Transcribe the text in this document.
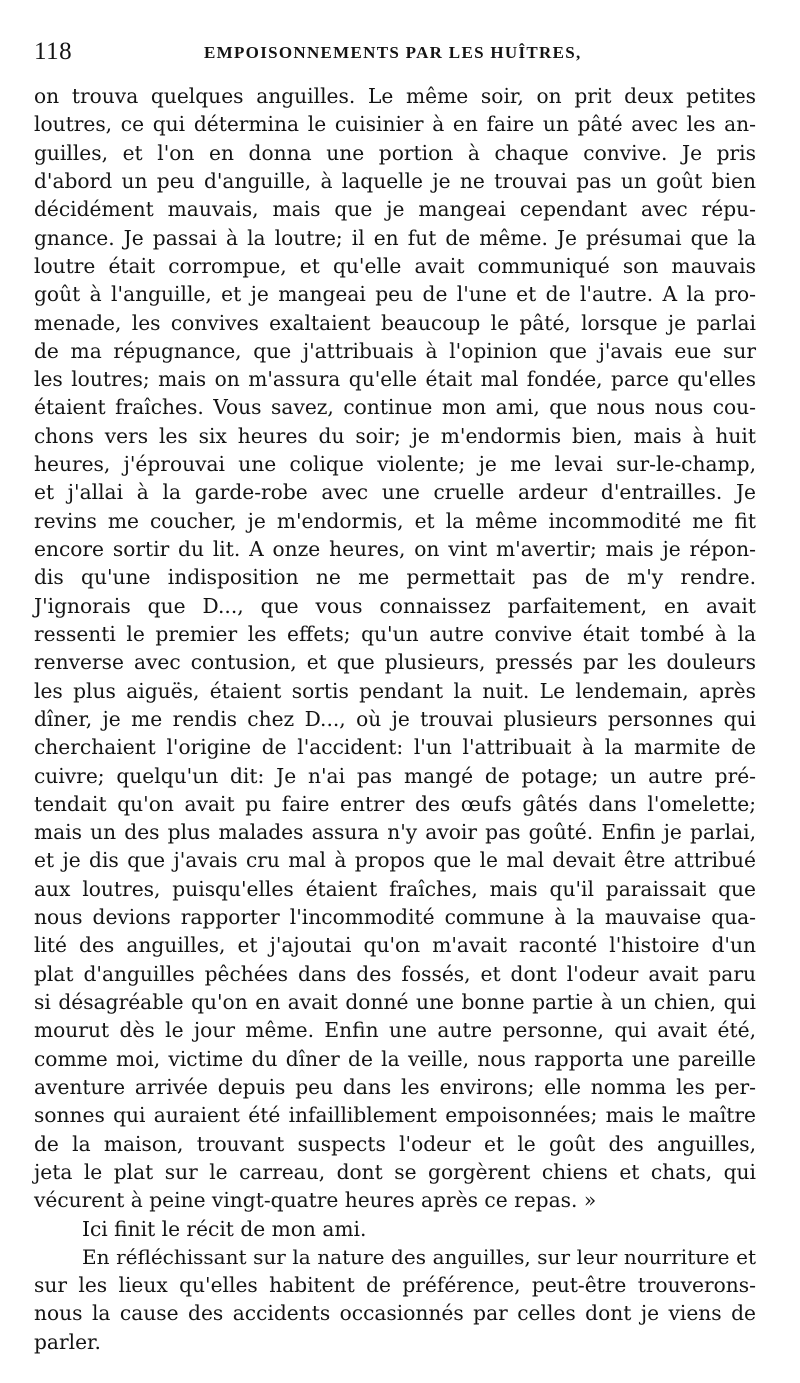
118	EMPOISONNEMENTS PAR LES HUÎTRES,
on trouva quelques anguilles. Le même soir, on prit deux petites
loutres, ce qui détermina le cuisinier à en faire un pâté avec les an-
guilles, et l'on en donna une portion à chaque convive. Je pris
d'abord un peu d'anguille, à laquelle je ne trouvai pas un goût bien
décidément mauvais, mais que je mangeai cependant avec répu-
gnance. Je passai à la loutre; il en fut de même. Je présumai que la
loutre était corrompue, et qu'elle avait communiqué son mauvais
goût à l'anguille, et je mangeai peu de l'une et de l'autre. A la pro-
menade, les convives exaltaient beaucoup le pâté, lorsque je parlai
de ma répugnance, que j'attribuais à l'opinion que j'avais eue sur
les loutres; mais on m'assura qu'elle était mal fondée, parce qu'elles
étaient fraîches. Vous savez, continue mon ami, que nous nous cou-
chons vers les six heures du soir; je m'endormis bien, mais à huit
heures, j'éprouvai une colique violente; je me levai sur-le-champ,
et j'allai à la garde-robe avec une cruelle ardeur d'entrailles. Je
revins me coucher, je m'endormis, et la même incommodité me fit
encore sortir du lit. A onze heures, on vint m'avertir; mais je répon-
dis qu'une indisposition ne me permettait pas de m'y rendre.
J'ignorais que D..., que vous connaissez parfaitement, en avait
ressenti le premier les effets; qu'un autre convive était tombé à la
renverse avec contusion, et que plusieurs, pressés par les douleurs
les plus aiguës, étaient sortis pendant la nuit. Le lendemain, après
dîner, je me rendis chez D..., où je trouvai plusieurs personnes qui
cherchaient l'origine de l'accident: l'un l'attribuait à la marmite de
cuivre; quelqu'un dit: Je n'ai pas mangé de potage; un autre pré-
tendait qu'on avait pu faire entrer des œufs gâtés dans l'omelette;
mais un des plus malades assura n'y avoir pas goûté. Enfin je parlai,
et je dis que j'avais cru mal à propos que le mal devait être attribué
aux loutres, puisqu'elles étaient fraîches, mais qu'il paraissait que
nous devions rapporter l'incommodité commune à la mauvaise qua-
lité des anguilles, et j'ajoutai qu'on m'avait raconté l'histoire d'un
plat d'anguilles pêchées dans des fossés, et dont l'odeur avait paru
si désagréable qu'on en avait donné une bonne partie à un chien, qui
mourut dès le jour même. Enfin une autre personne, qui avait été,
comme moi, victime du dîner de la veille, nous rapporta une pareille
aventure arrivée depuis peu dans les environs; elle nomma les per-
sonnes qui auraient été infailliblement empoisonnées; mais le maître
de la maison, trouvant suspects l'odeur et le goût des anguilles,
jeta le plat sur le carreau, dont se gorgèrent chiens et chats, qui
vécurent à peine vingt-quatre heures après ce repas. »
Ici finit le récit de mon ami.
En réfléchissant sur la nature des anguilles, sur leur nourriture et
sur les lieux qu'elles habitent de préférence, peut-être trouverons-
nous la cause des accidents occasionnés par celles dont je viens de
parler.
